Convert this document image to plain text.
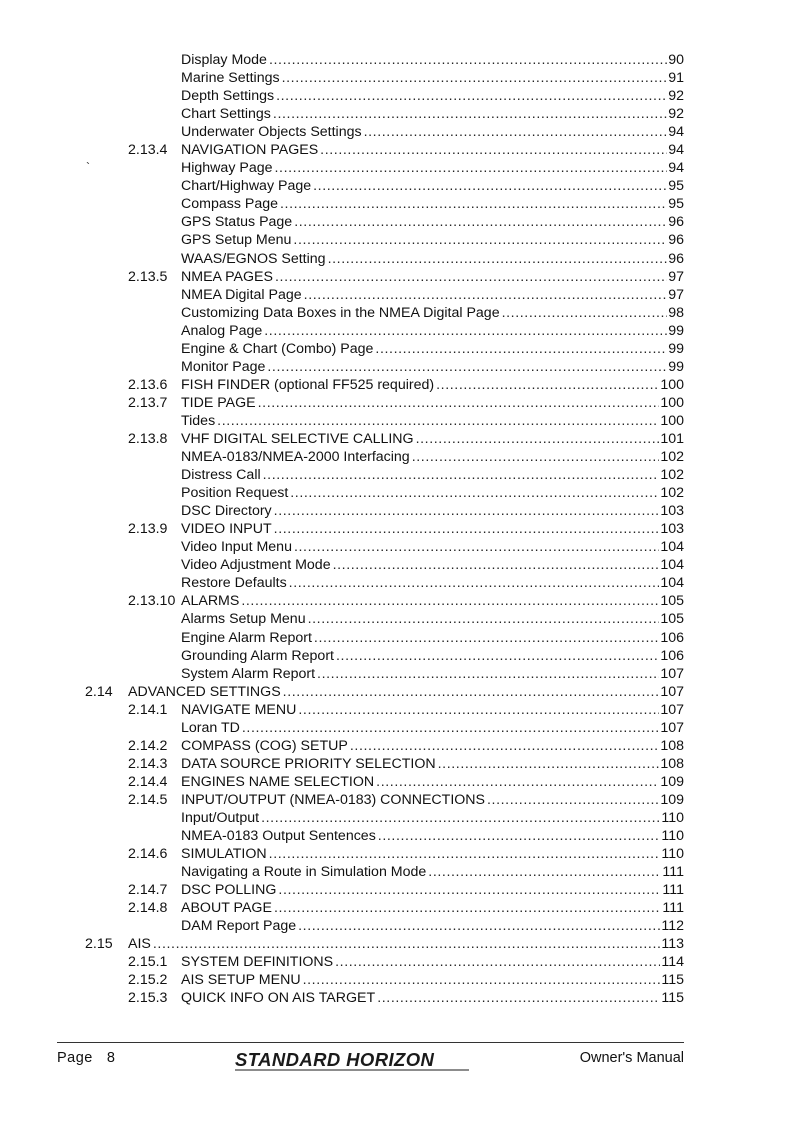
Display Mode .....	90
Marine Settings .....	91
Depth Settings .....	92
Chart Settings .....	92
Underwater Objects Settings .....	94
2.13.4 NAVIGATION PAGES .....	94
Highway Page .....	94
Chart/Highway Page .....	95
Compass Page .....	95
GPS Status Page .....	96
GPS Setup Menu .....	96
WAAS/EGNOS Setting .....	96
2.13.5 NMEA PAGES .....	97
NMEA Digital Page .....	97
Customizing Data Boxes in the NMEA Digital Page .....	98
Analog Page .....	99
Engine & Chart (Combo) Page .....	99
Monitor Page .....	99
2.13.6 FISH FINDER (optional FF525 required) .....	100
2.13.7 TIDE PAGE .....	100
Tides .....	100
2.13.8 VHF DIGITAL SELECTIVE CALLING .....	101
NMEA-0183/NMEA-2000 Interfacing .....	102
Distress Call .....	102
Position Request .....	102
DSC Directory .....	103
2.13.9 VIDEO INPUT .....	103
Video Input Menu .....	104
Video Adjustment Mode .....	104
Restore Defaults .....	104
2.13.10 ALARMS .....	105
Alarms Setup Menu .....	105
Engine Alarm Report .....	106
Grounding Alarm Report .....	106
System Alarm Report .....	107
2.14 ADVANCED SETTINGS .....	107
2.14.1 NAVIGATE MENU .....	107
Loran TD .....	107
2.14.2 COMPASS (COG) SETUP .....	108
2.14.3 DATA SOURCE PRIORITY SELECTION .....	108
2.14.4 ENGINES NAME SELECTION .....	109
2.14.5 INPUT/OUTPUT (NMEA-0183) CONNECTIONS .....	109
Input/Output .....	110
NMEA-0183 Output Sentences .....	110
2.14.6 SIMULATION .....	110
Navigating a Route in Simulation Mode .....	111
2.14.7 DSC POLLING .....	111
2.14.8 ABOUT PAGE .....	111
DAM Report Page .....	112
2.15 AIS .....	113
2.15.1 SYSTEM DEFINITIONS .....	114
2.15.2 AIS SETUP MENU .....	115
2.15.3 QUICK INFO ON AIS TARGET .....	115
`
Page 8	STANDARD HORIZON	Owner's Manual
